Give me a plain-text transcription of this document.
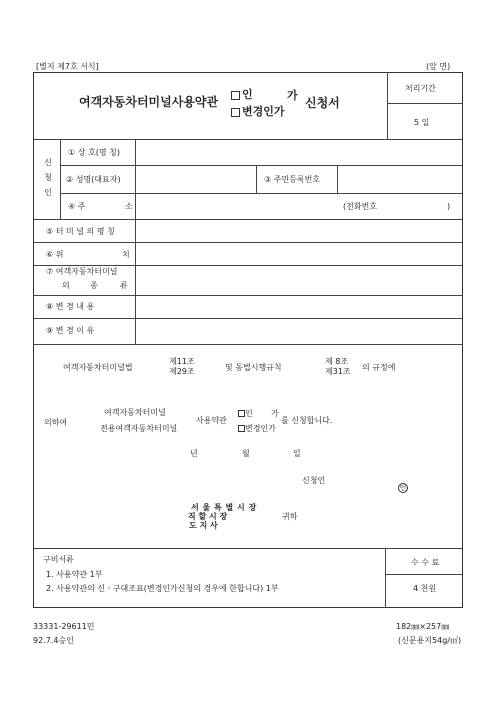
[별지 제7호 서식]	(앞 면)
여객자동차터미널사용약관
인	가
변경인가
신청서
처리기간
5 일
신
청
인
① 상 호(명 칭)
② 성명(대표자)	③ 주민등록번호
④ 주	소	(전화번호	)
⑤ 터 미 널 의 명 칭
⑥ 위	치
⑦ 여객자동차터미널
의	종	류
⑧ 변 경 내 용
⑨ 변 경 이 유
여객자동차터미널법
제11조
제29조	및 동법시행규칙
제 8조
제31조 의 규정에
의하여
여객자동차터미널
전용여객자동차터미널
사용약관
인 가
변경인가
를 신청합니다.
년	월	일
신청인
인
서 울 특 별 시 장
직 할 시 장
도 지 사
귀하
구비서류
1. 사용약관 1부
2. 사용약관의 신ㆍ구대조표(변경인가신청의 경우에 한합니다) 1부
수 수 료
4 천원
33331-29611민
92.7.4승인
182㎜×257㎜
(신문용지54g/㎡)
